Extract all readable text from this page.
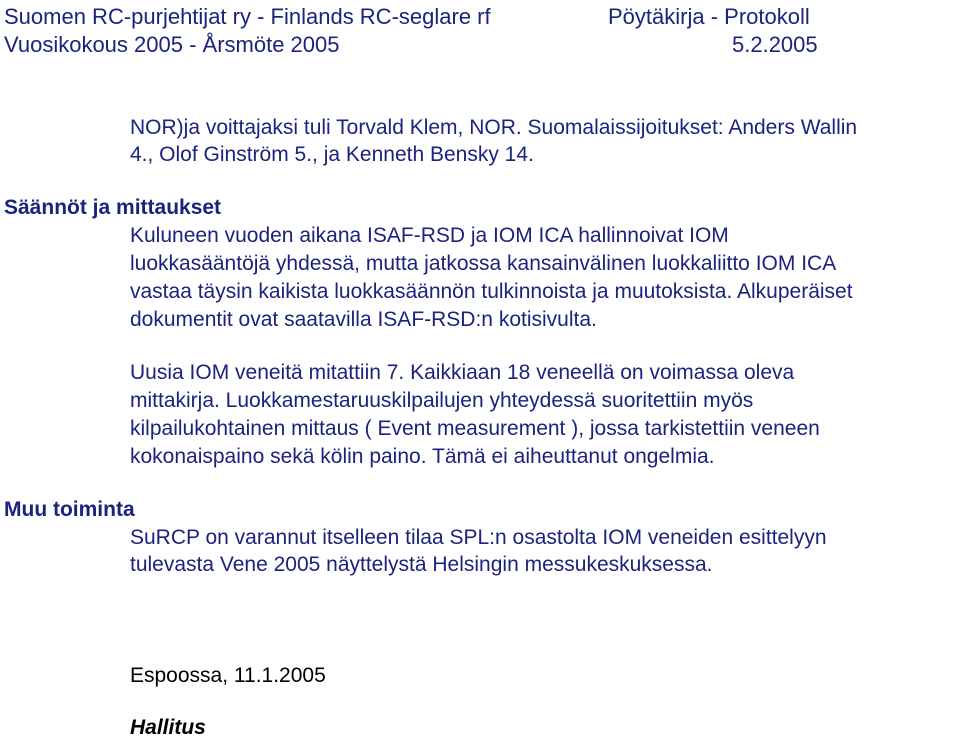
Suomen RC-purjehtijat ry - Finlands RC-seglare rf	Pöytäkirja - Protokoll
Vuosikokous 2005 - Årsmöte 2005	5.2.2005
NOR)ja voittajaksi tuli Torvald Klem, NOR. Suomalaissijoitukset: Anders Wallin
4., Olof Ginström 5., ja Kenneth Bensky 14.
Säännöt ja mittaukset
Kuluneen vuoden aikana ISAF-RSD ja IOM ICA hallinnoivat IOM
luokkasääntöjä yhdessä, mutta jatkossa kansainvälinen luokkaliitto IOM ICA
vastaa täysin kaikista luokkasäännön tulkinnoista ja muutoksista. Alkuperäiset
dokumentit ovat saatavilla ISAF-RSD:n kotisivulta.
Uusia IOM veneitä mitattiin 7. Kaikkiaan 18 veneellä on voimassa oleva
mittakirja. Luokkamestaruuskilpailujen yhteydessä suoritettiin myös
kilpailukohtainen mittaus ( Event measurement ), jossa tarkistettiin veneen
kokonaispaino sekä kölin paino. Tämä ei aiheuttanut ongelmia.
Muu toiminta
SuRCP on varannut itselleen tilaa SPL:n osastolta IOM veneiden esittelyyn
tulevasta Vene 2005 näyttelystä Helsingin messukeskuksessa.
Espoossa, 11.1.2005
Hallitus
